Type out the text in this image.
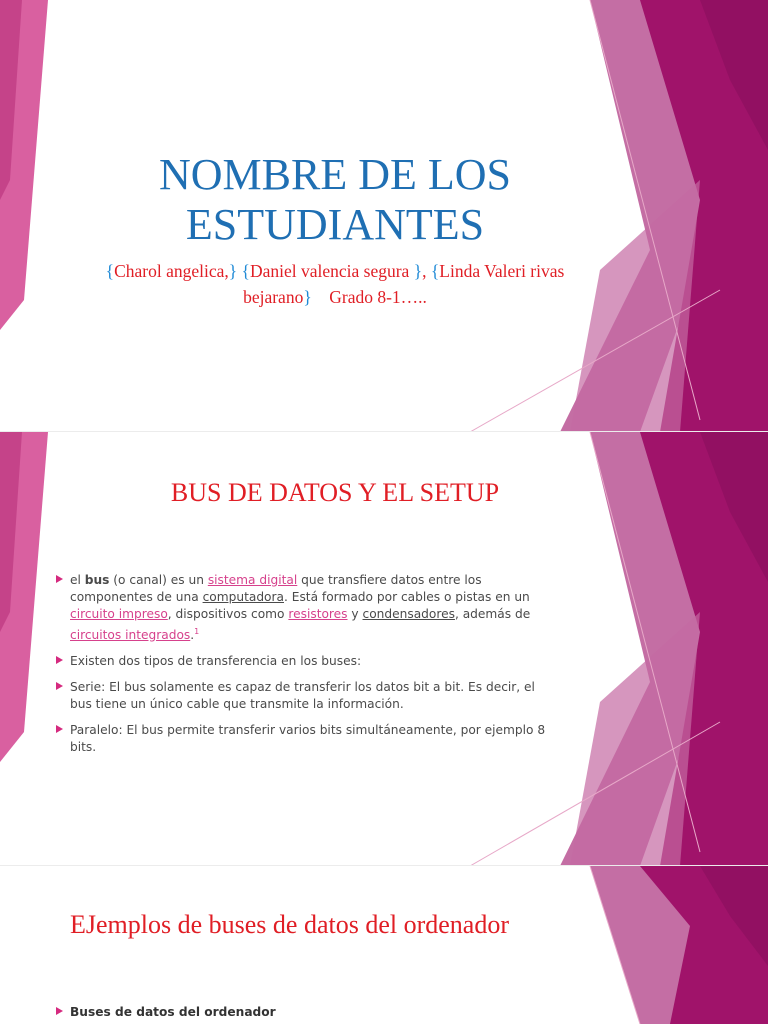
NOMBRE DE LOS ESTUDIANTES
{Charol angelica,} {Daniel valencia segura }, {Linda Valeri rivas bejarano} Grado 8-1…..
BUS DE DATOS Y EL SETUP
el bus (o canal) es un sistema digital que transfiere datos entre los componentes de una computadora. Está formado por cables o pistas en un circuito impreso, dispositivos como resistores y condensadores, además de circuitos integrados.$^1$
Existen dos tipos de transferencia en los buses:
Serie: El bus solamente es capaz de transferir los datos bit a bit. Es decir, el bus tiene un único cable que transmite la información.
Paralelo: El bus permite transferir varios bits simultáneamente, por ejemplo 8 bits.
EJemplos de buses de datos del ordenador
Buses de datos del ordenador
